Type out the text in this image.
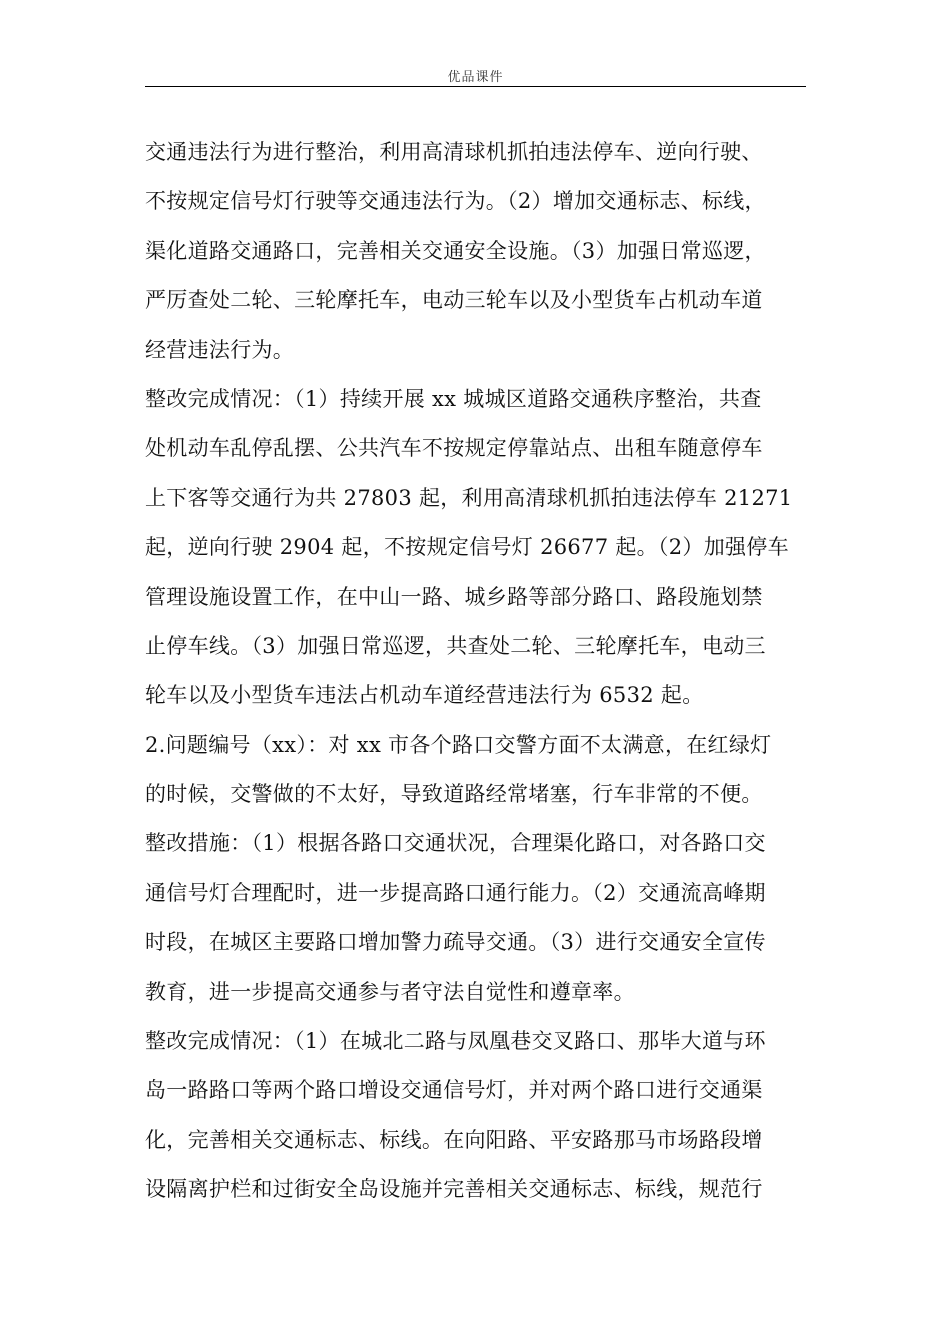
优品课件
交通违法行为进行整治，利用高清球机抓拍违法停车、逆向行驶、
不按规定信号灯行驶等交通违法行为。（2）增加交通标志、标线，
渠化道路交通路口，完善相关交通安全设施。（3）加强日常巡逻，
严厉查处二轮、三轮摩托车，电动三轮车以及小型货车占机动车道
经营违法行为。
整改完成情况：（1）持续开展 xx 城城区道路交通秩序整治，共查
处机动车乱停乱摆、公共汽车不按规定停靠站点、出租车随意停车
上下客等交通行为共 27803 起，利用高清球机抓拍违法停车 21271
起，逆向行驶 2904 起，不按规定信号灯 26677 起。（2）加强停车
管理设施设置工作，在中山一路、城乡路等部分路口、路段施划禁
止停车线。（3）加强日常巡逻，共查处二轮、三轮摩托车，电动三
轮车以及小型货车违法占机动车道经营违法行为 6532 起。
2.问题编号（xx）：对 xx 市各个路口交警方面不太满意，在红绿灯
的时候，交警做的不太好，导致道路经常堵塞，行车非常的不便。
整改措施：（1）根据各路口交通状况，合理渠化路口，对各路口交
通信号灯合理配时，进一步提高路口通行能力。（2）交通流高峰期
时段，在城区主要路口增加警力疏导交通。（3）进行交通安全宣传
教育，进一步提高交通参与者守法自觉性和遵章率。
整改完成情况：（1）在城北二路与凤凰巷交叉路口、那毕大道与环
岛一路路口等两个路口增设交通信号灯，并对两个路口进行交通渠
化，完善相关交通标志、标线。在向阳路、平安路那马市场路段增
设隔离护栏和过街安全岛设施并完善相关交通标志、标线，规范行
